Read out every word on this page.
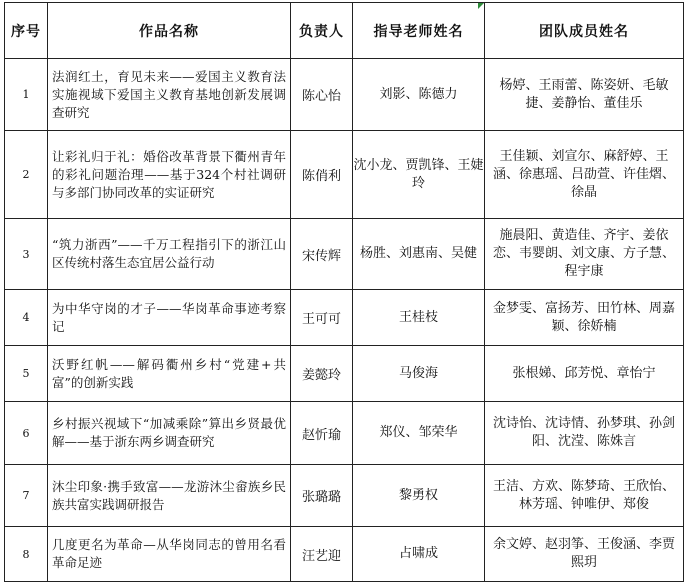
序号	作品名称	负责人	指导老师姓名	团队成员姓名
1	法润红土，育见未来——爱国主义教育法实施视域下爱国主义教育基地创新发展调查研究	陈心怡	刘影、陈德力	杨婷、王雨蕾、陈姿妍、毛敏捷、姜静怡、董佳乐
2	让彩礼归于礼：婚俗改革背景下衢州青年的彩礼问题治理——基于324个村社调研与多部门协同改革的实证研究	陈俏利	沈小龙、贾凯锋、王婕玲	王佳颖、刘宣尔、麻舒婷、王涵、徐惠瑶、吕劭萱、许佳熠、徐晶
3	“筑力浙西”——千万工程指引下的浙江山区传统村落生态宜居公益行动	宋传辉	杨胜、刘惠南、吴健	施晨阳、黄造佳、齐宇、姜依恋、韦婴朗、刘文康、方子慧、程宇康
4	为中华守岗的才子——华岗革命事迹考察记	王可可	王桂枝	金梦雯、富扬芳、田竹林、周嘉颖、徐娇楠
5	沃野红帆——解码衢州乡村“党建+共富”的创新实践	姜懿玲	马俊海	张根娣、邱芳悦、章怡宁
6	乡村振兴视域下“加减乘除”算出乡贤最优解——基于浙东两乡调查研究	赵忻瑜	郑仪、邹荣华	沈诗怡、沈诗情、孙梦琪、孙剑阳、沈滢、陈姝言
7	沐尘印象·携手致富——龙游沐尘畲族乡民族共富实践调研报告	张璐璐	黎勇权	王洁、方欢、陈梦琦、王欣怡、林芳瑶、钟唯伊、郑俊
8	几度更名为革命—从华岗同志的曾用名看革命足迹	汪艺迎	占啸成	余文婷、赵羽筝、王俊涵、李贾熙玥
